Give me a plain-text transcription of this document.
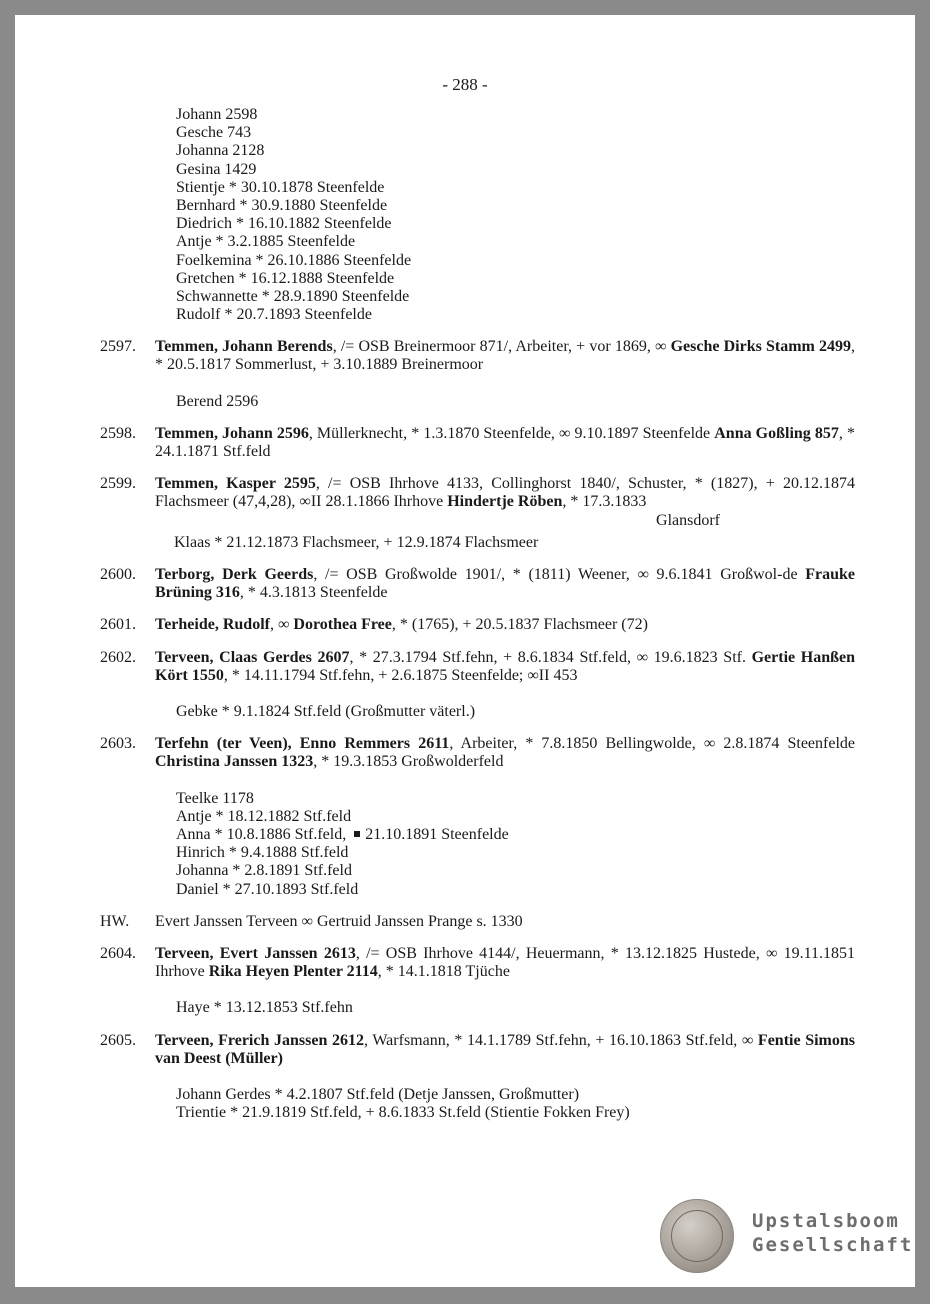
- 288 -
Johann 2598
Gesche 743
Johanna 2128
Gesina 1429
Stientje * 30.10.1878 Steenfelde
Bernhard * 30.9.1880 Steenfelde
Diedrich * 16.10.1882 Steenfelde
Antje * 3.2.1885 Steenfelde
Foelkemina * 26.10.1886 Steenfelde
Gretchen * 16.12.1888 Steenfelde
Schwannette * 28.9.1890 Steenfelde
Rudolf * 20.7.1893 Steenfelde
2597. Temmen, Johann Berends, /= OSB Breinermoor 871/, Arbeiter, + vor 1869, ∞ Gesche Dirks Stamm 2499, * 20.5.1817 Sommerlust, + 3.10.1889 Breinermoor
Berend 2596
2598. Temmen, Johann 2596, Müllerknecht, * 1.3.1870 Steenfelde, ∞ 9.10.1897 Steenfelde Anna Goßling 857, * 24.1.1871 Stf.feld
2599. Temmen, Kasper 2595, /= OSB Ihrhove 4133, Collinghorst 1840/, Schuster, * (1827), + 20.12.1874 Flachsmeer (47,4,28), ∞II 28.1.1866 Ihrhove Hindertje Röben, * 17.3.1833
Glansdorf
Klaas * 21.12.1873 Flachsmeer, + 12.9.1874 Flachsmeer
2600. Terborg, Derk Geerds, /= OSB Großwolde 1901/, * (1811) Weener, ∞ 9.6.1841 Großwol-de Frauke Brüning 316, * 4.3.1813 Steenfelde
2601. Terheide, Rudolf, ∞ Dorothea Free, * (1765), + 20.5.1837 Flachsmeer (72)
2602. Terveen, Claas Gerdes 2607, * 27.3.1794 Stf.fehn, + 8.6.1834 Stf.feld, ∞ 19.6.1823 Stf. Gertie Hanßen Kört 1550, * 14.11.1794 Stf.fehn, + 2.6.1875 Steenfelde; ∞II 453
Gebke * 9.1.1824 Stf.feld (Großmutter väterl.)
2603. Terfehn (ter Veen), Enno Remmers 2611, Arbeiter, * 7.8.1850 Bellingwolde, ∞ 2.8.1874 Steenfelde Christina Janssen 1323, * 19.3.1853 Großwolderfeld
Teelke 1178
Antje * 18.12.1882 Stf.feld
Anna * 10.8.1886 Stf.feld, 21.10.1891 Steenfelde
Hinrich * 9.4.1888 Stf.feld
Johanna * 2.8.1891 Stf.feld
Daniel * 27.10.1893 Stf.feld
HW. Evert Janssen Terveen ∞ Gertruid Janssen Prange s. 1330
2604. Terveen, Evert Janssen 2613, /= OSB Ihrhove 4144/, Heuermann, * 13.12.1825 Hustede, ∞ 19.11.1851 Ihrhove Rika Heyen Plenter 2114, * 14.1.1818 Tjüche
Haye * 13.12.1853 Stf.fehn
2605. Terveen, Frerich Janssen 2612, Warfsmann, * 14.1.1789 Stf.fehn, + 16.10.1863 Stf.feld, ∞ Fentie Simons van Deest (Müller)
Johann Gerdes * 4.2.1807 Stf.feld (Detje Janssen, Großmutter)
Trientie * 21.9.1819 Stf.feld, + 8.6.1833 St.feld (Stientie Fokken Frey)
Upstalsboom
Gesellschaft
